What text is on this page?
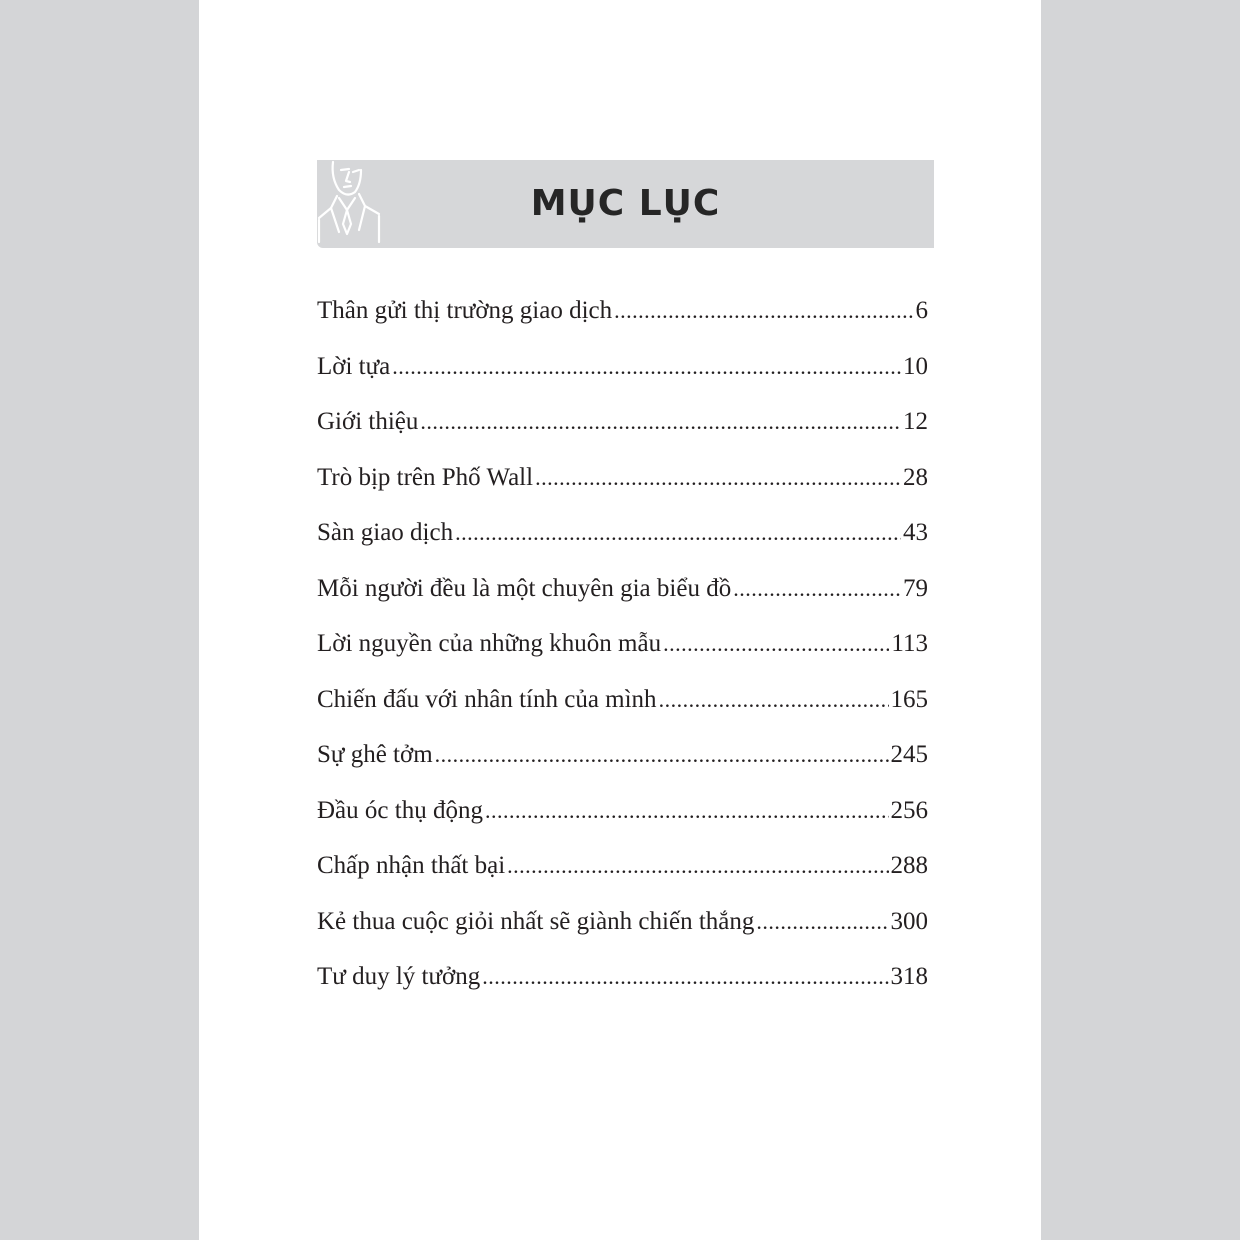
MỤC LỤC
Thân gửi thị trường giao dịch .....	6
Lời tựa .....	10
Giới thiệu .....	12
Trò bịp trên Phố Wall .....	28
Sàn giao dịch .....	43
Mỗi người đều là một chuyên gia biểu đồ .....	79
Lời nguyền của những khuôn mẫu .....	113
Chiến đấu với nhân tính của mình .....	165
Sự ghê tởm .....	245
Đầu óc thụ động .....	256
Chấp nhận thất bại .....	288
Kẻ thua cuộc giỏi nhất sẽ giành chiến thắng .....	300
Tư duy lý tưởng .....	318
